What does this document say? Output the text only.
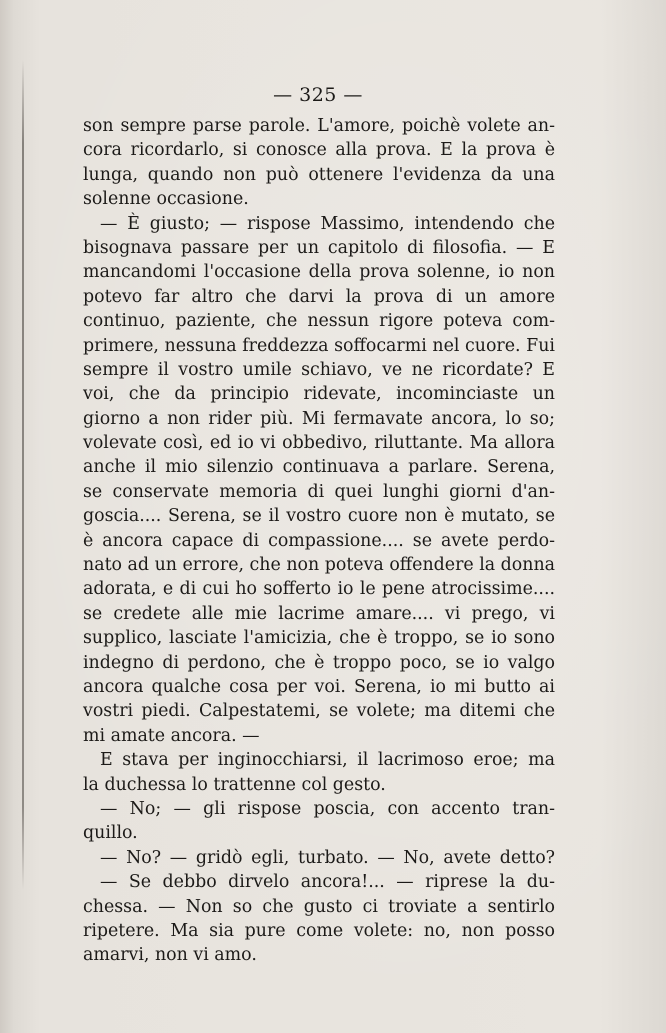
— 325 —
son sempre parse parole. L'amore, poichè volete an-
cora ricordarlo, si conosce alla prova. E la prova è
lunga, quando non può ottenere l'evidenza da una
solenne occasione.
— È giusto; — rispose Massimo, intendendo che
bisognava passare per un capitolo di filosofia. — E
mancandomi l'occasione della prova solenne, io non
potevo far altro che darvi la prova di un amore
continuo, paziente, che nessun rigore poteva com-
primere, nessuna freddezza soffocarmi nel cuore. Fui
sempre il vostro umile schiavo, ve ne ricordate? E
voi, che da principio ridevate, incominciaste un
giorno a non rider più. Mi fermavate ancora, lo so;
volevate così, ed io vi obbedivo, riluttante. Ma allora
anche il mio silenzio continuava a parlare. Serena,
se conservate memoria di quei lunghi giorni d'an-
goscia.... Serena, se il vostro cuore non è mutato, se
è ancora capace di compassione.... se avete perdo-
nato ad un errore, che non poteva offendere la donna
adorata, e di cui ho sofferto io le pene atrocissime....
se credete alle mie lacrime amare.... vi prego, vi
supplico, lasciate l'amicizia, che è troppo, se io sono
indegno di perdono, che è troppo poco, se io valgo
ancora qualche cosa per voi. Serena, io mi butto ai
vostri piedi. Calpestatemi, se volete; ma ditemi che
mi amate ancora. —
E stava per inginocchiarsi, il lacrimoso eroe; ma
la duchessa lo trattenne col gesto.
— No; — gli rispose poscia, con accento tran-
quillo.
— No? — gridò egli, turbato. — No, avete detto?
— Se debbo dirvelo ancora!... — riprese la du-
chessa. — Non so che gusto ci troviate a sentirlo
ripetere. Ma sia pure come volete: no, non posso
amarvi, non vi amo.
